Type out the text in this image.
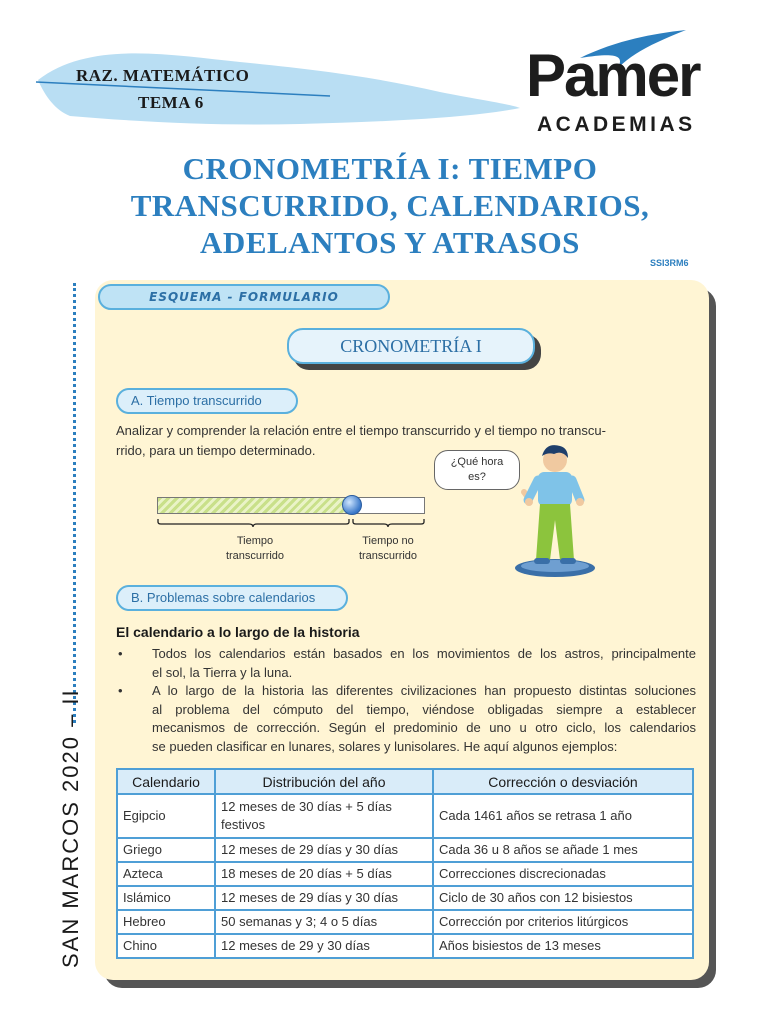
RAZ. MATEMÁTICO
TEMA 6	Pamer
ACADEMIAS
CRONOMETRÍA I: TIEMPO
TRANSCURRIDO, CALENDARIOS,
ADELANTOS Y ATRASOS
SSI3RM6
SAN MARCOS 2020 – II
ESQUEMA - FORMULARIO
CRONOMETRÍA I
A. Tiempo transcurrido
Analizar y comprender la relación entre el tiempo transcurrido y el tiempo no transcu-
rrido, para un tiempo determinado.
Tiempo
transcurrido
Tiempo no
transcurrido
¿Qué hora
es?
B. Problemas sobre calendarios
El calendario a lo largo de la historia
• Todos los calendarios están basados en los movimientos de los astros, principalmente
el sol, la Tierra y la luna.
• A lo largo de la historia las diferentes civilizaciones han propuesto distintas soluciones
al problema del cómputo del tiempo, viéndose obligadas siempre a establecer
mecanismos de corrección. Según el predominio de uno u otro ciclo, los calendarios
se pueden clasificar en lunares, solares y lunisolares. He aquí algunos ejemplos:
Calendario	Distribución del año	Corrección o desviación
Egipcio	12 meses de 30 días + 5 días festivos	Cada 1461 años se retrasa 1 año
Griego	12 meses de 29 días y 30 días	Cada 36 u 8 años se añade 1 mes
Azteca	18 meses de 20 días + 5 días	Correcciones discrecionadas
Islámico	12 meses de 29 días y 30 días	Ciclo de 30 años con 12 bisiestos
Hebreo	50 semanas y 3; 4 o 5 días	Corrección por criterios litúrgicos
Chino	12 meses de 29 y 30 días	Años bisiestos de 13 meses
